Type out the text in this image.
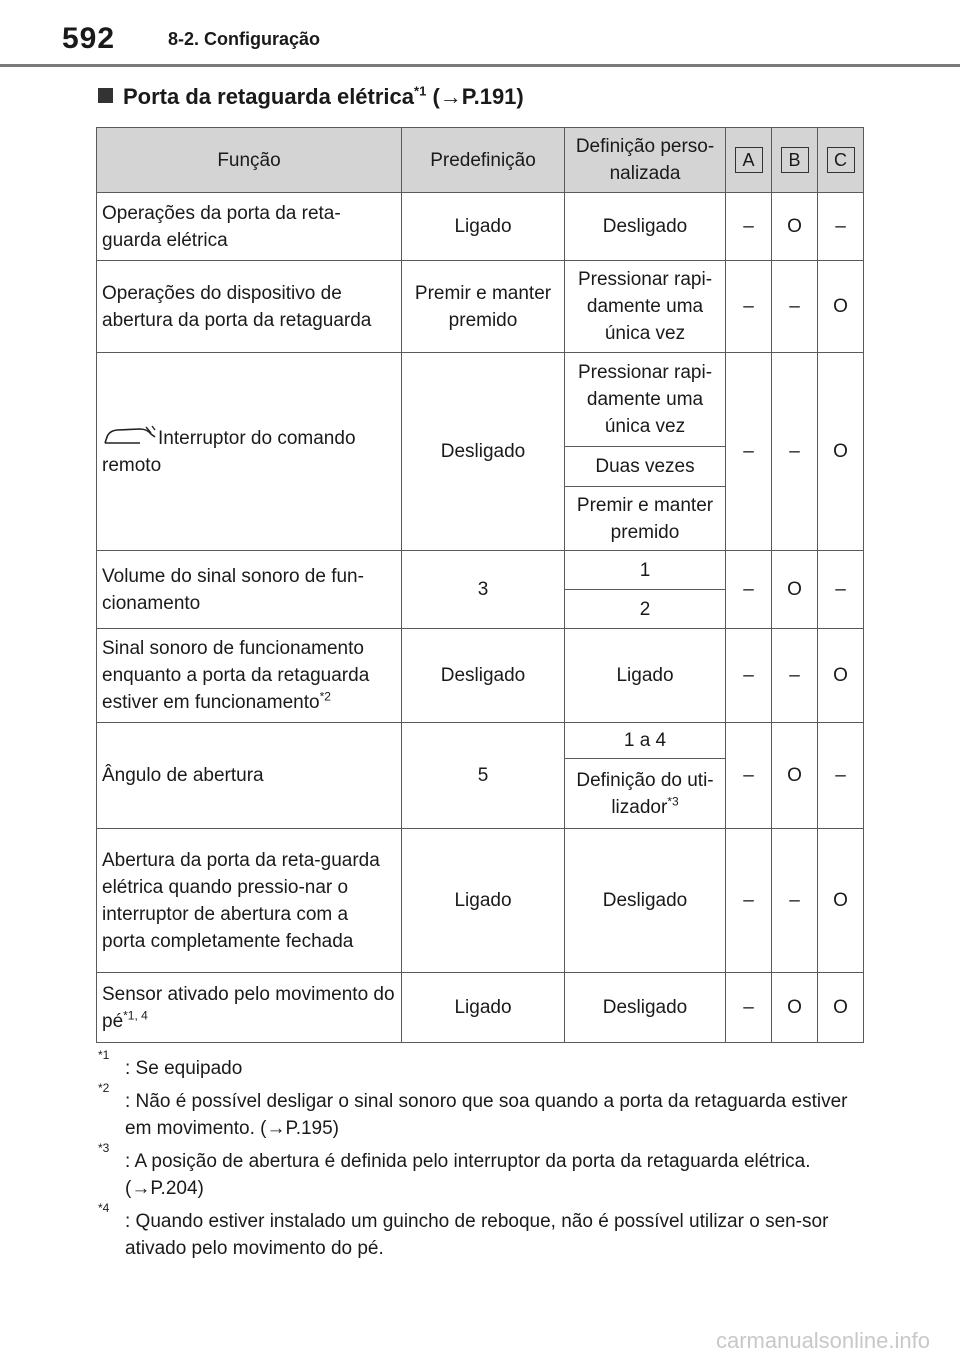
592	8-2. Configuração
Porta da retaguarda elétrica$^{*1}$ (→P.191)
Função	Predefinição	Definição perso-nalizada	A	B	C
Operações da porta da reta-guarda elétrica	Ligado	Desligado	–	O	–
Operações do dispositivo de abertura da porta da retaguarda	Premir e manter premido	Pressionar rapi-damente uma única vez	–	–	O
Interruptor do comando remoto	Desligado	Pressionar rapi-damente uma única vez	–	–	O
		Duas vezes			
		Premir e manter premido			
Volume do sinal sonoro de fun-cionamento	3	1	–	O	–
		2			
Sinal sonoro de funcionamento enquanto a porta da retaguarda estiver em funcionamento$^{*2}$	Desligado	Ligado	–	–	O
Ângulo de abertura	5	1 a 4	–	O	–
		Definição do uti-lizador$^{*3}$
Abertura da porta da reta-guarda elétrica quando pressio-nar o interruptor de abertura com a porta completamente fechada	Ligado	Desligado	–	–	O
Sensor ativado pelo movimento do pé$^{*1, 4}$	Ligado	Desligado	–	O	O
*1
: Se equipado
*2
: Não é possível desligar o sinal sonoro que soa quando a porta da retaguarda estiver em movimento. (→P.195)
*3
: A posição de abertura é definida pelo interruptor da porta da retaguarda elétrica. (→P.204)
*4
: Quando estiver instalado um guincho de reboque, não é possível utilizar o sen-sor ativado pelo movimento do pé.
carmanualsonline.info
